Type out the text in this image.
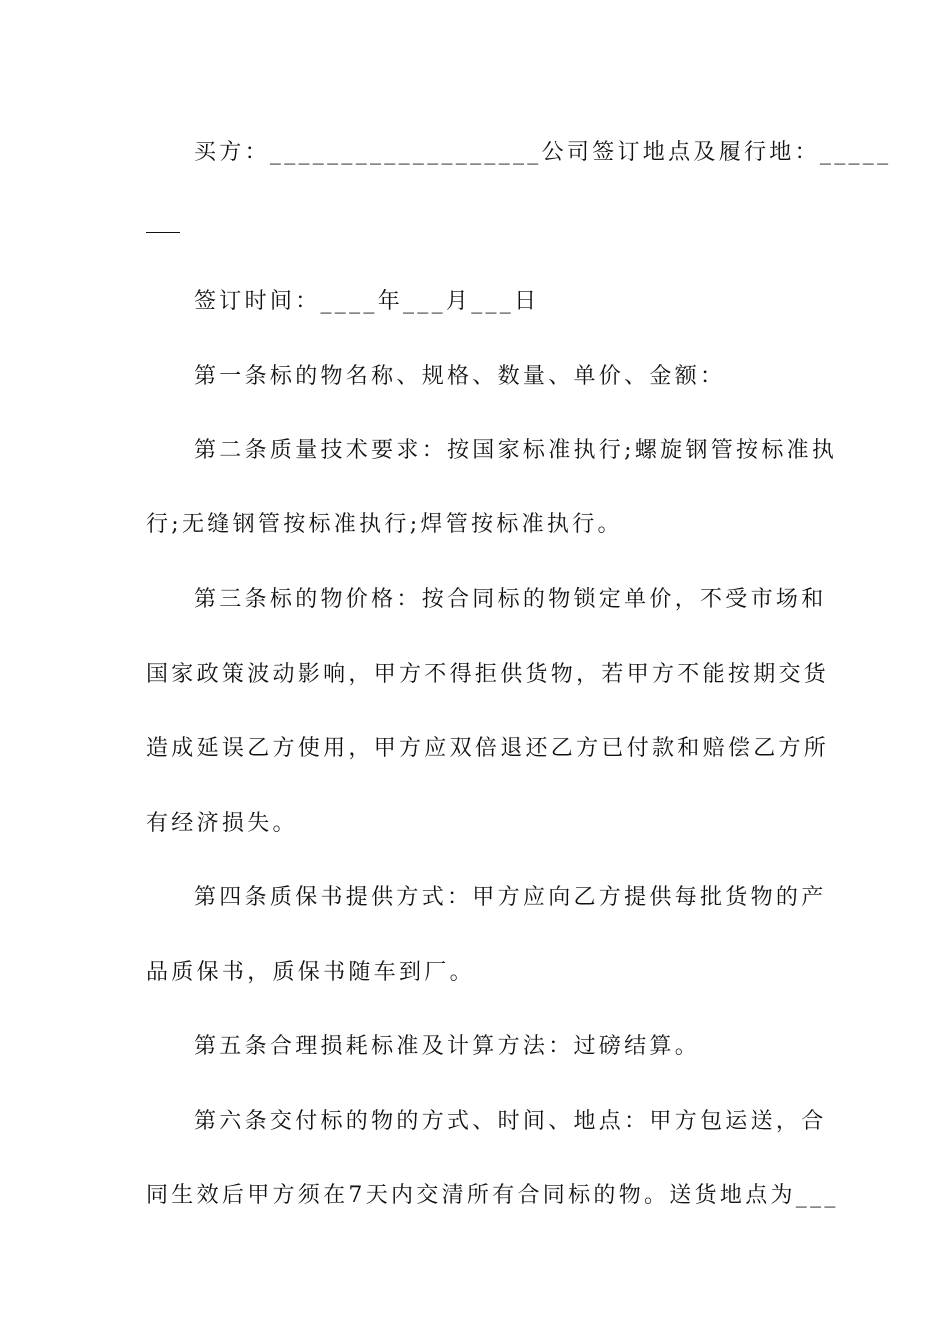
买方：___________________公司签订地点及履行地：_____
签订时间：____年___月___日
第一条标的物名称、规格、数量、单价、金额：
第二条质量技术要求：按国家标准执行;螺旋钢管按标准执
行;无缝钢管按标准执行;焊管按标准执行。
第三条标的物价格：按合同标的物锁定单价，不受市场和
国家政策波动影响，甲方不得拒供货物，若甲方不能按期交货
造成延误乙方使用，甲方应双倍退还乙方已付款和赔偿乙方所
有经济损失。
第四条质保书提供方式：甲方应向乙方提供每批货物的产
品质保书，质保书随车到厂。
第五条合理损耗标准及计算方法：过磅结算。
第六条交付标的物的方式、时间、地点：甲方包运送，合
同生效后甲方须在7天内交清所有合同标的物。送货地点为___
